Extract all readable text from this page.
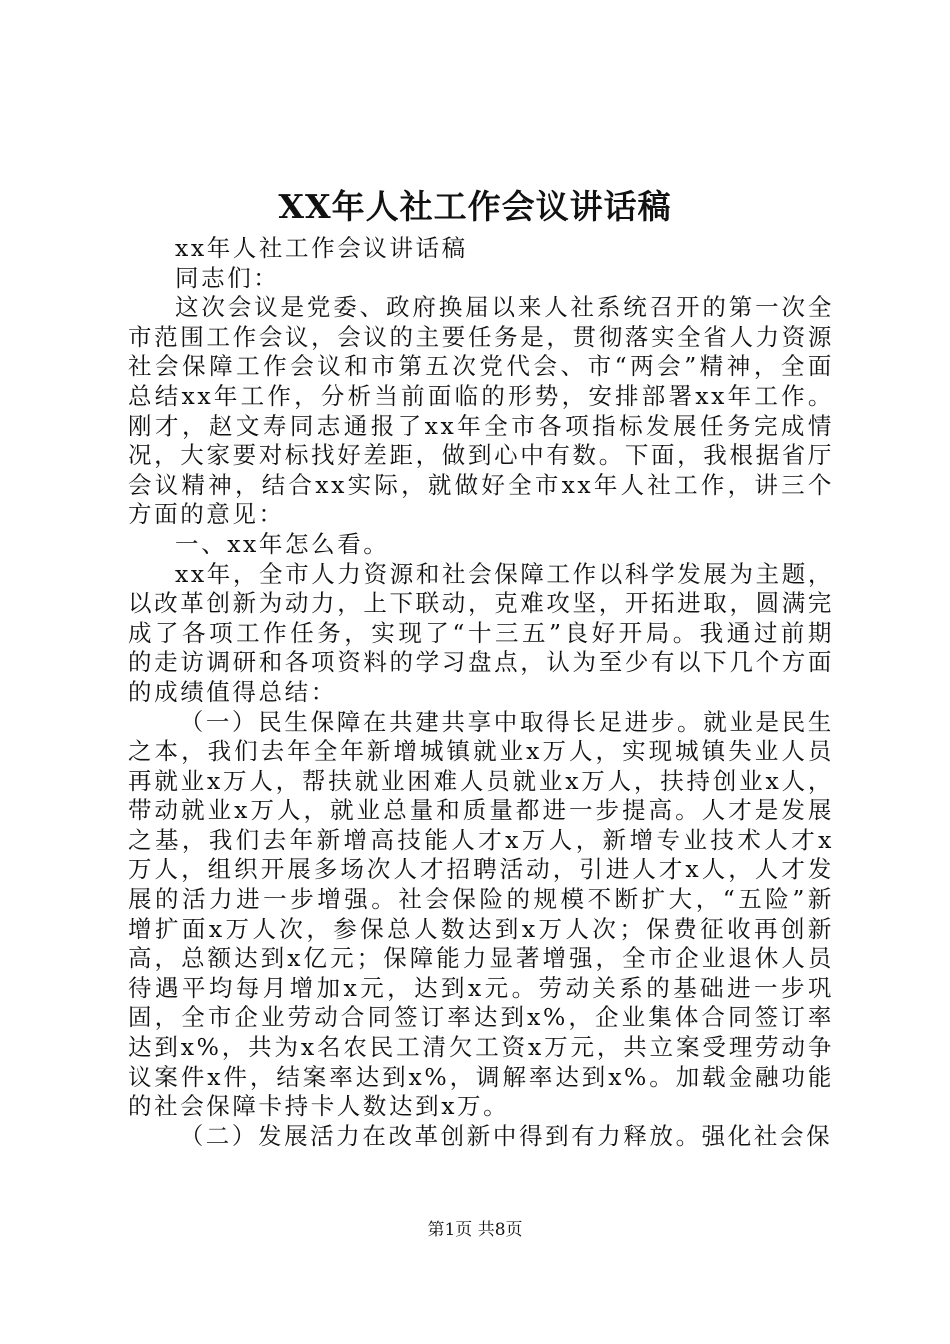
XX年人社工作会议讲话稿

xx年人社工作会议讲话稿

同志们：

这次会议是党委、政府换届以来人社系统召开的第一次全市范围工作会议，会议的主要任务是，贯彻落实全省人力资源社会保障工作会议和市第五次党代会、市“两会”精神，全面总结xx年工作，分析当前面临的形势，安排部署xx年工作。刚才，赵文寿同志通报了xx年全市各项指标发展任务完成情况，大家要对标找好差距，做到心中有数。下面，我根据省厅会议精神，结合xx实际，就做好全市xx年人社工作，讲三个方面的意见：

一、xx年怎么看。

xx年，全市人力资源和社会保障工作以科学发展为主题，以改革创新为动力，上下联动，克难攻坚，开拓进取，圆满完成了各项工作任务，实现了“十三五”良好开局。我通过前期的走访调研和各项资料的学习盘点，认为至少有以下几个方面的成绩值得总结：

（一）民生保障在共建共享中取得长足进步。就业是民生之本，我们去年全年新增城镇就业x万人，实现城镇失业人员再就业x万人，帮扶就业困难人员就业x万人，扶持创业x人，带动就业x万人，就业总量和质量都进一步提高。人才是发展之基，我们去年新增高技能人才x万人，新增专业技术人才x万人，组织开展多场次人才招聘活动，引进人才x人，人才发展的活力进一步增强。社会保险的规模不断扩大，“五险”新增扩面x万人次，参保总人数达到x万人次；保费征收再创新高，总额达到x亿元；保障能力显著增强，全市企业退休人员待遇平均每月增加x元，达到x元。劳动关系的基础进一步巩固，全市企业劳动合同签订率达到x%，企业集体合同签订率达到x%，共为x名农民工清欠工资x万元，共立案受理劳动争议案件x件，结案率达到x%，调解率达到x%。加载金融功能的社会保障卡持卡人数达到x万。

（二）发展活力在改革创新中得到有力释放。强化社会保

第1页 共8页
